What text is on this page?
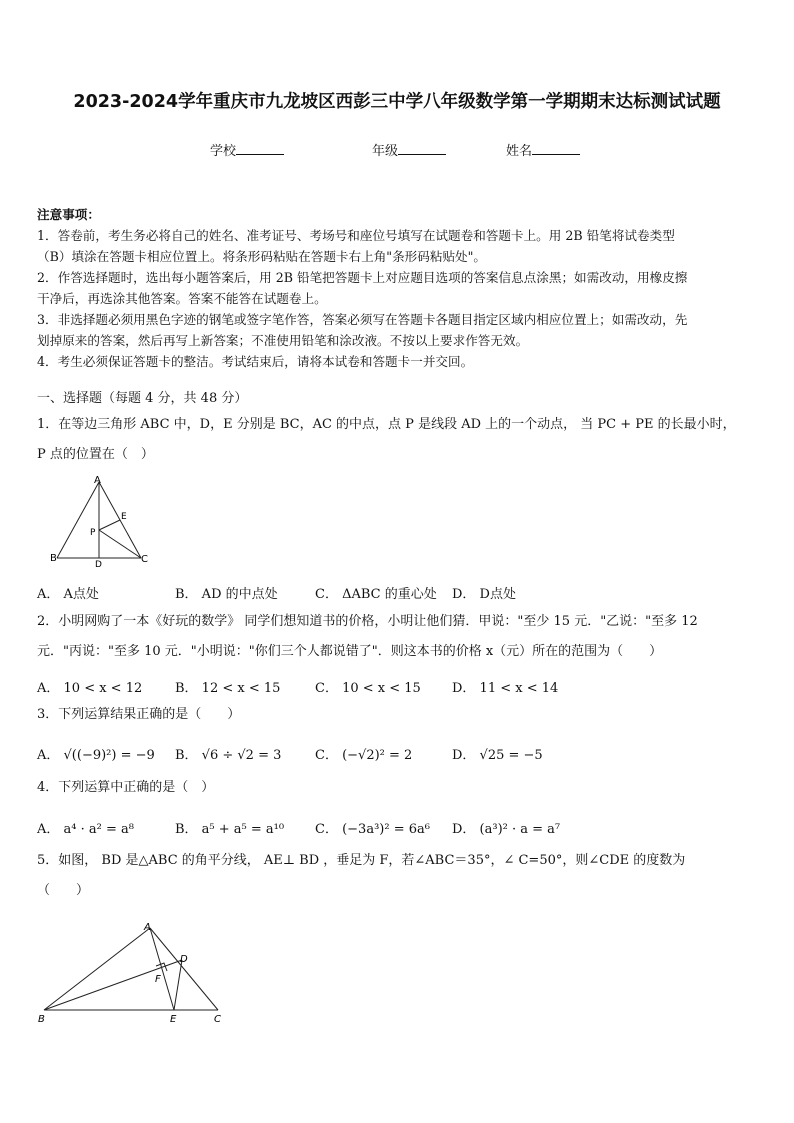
2023-2024学年重庆市九龙坡区西彭三中学八年级数学第一学期期末达标测试试题
学校	年级	姓名

注意事项：

1．答卷前，考生务必将自己的姓名、准考证号、考场号和座位号填写在试题卷和答题卡上。用 2B 铅笔将试卷类型

（B）填涂在答题卡相应位置上。将条形码粘贴在答题卡右上角"条形码粘贴处"。

2．作答选择题时，选出每小题答案后，用 2B 铅笔把答题卡上对应题目选项的答案信息点涂黑；如需改动，用橡皮擦

干净后，再选涂其他答案。答案不能答在试题卷上。

3．非选择题必须用黑色字迹的钢笔或签字笔作答，答案必须写在答题卡各题目指定区域内相应位置上；如需改动，先

划掉原来的答案，然后再写上新答案；不准使用铅笔和涂改液。不按以上要求作答无效。

4．考生必须保证答题卡的整洁。考试结束后，请将本试卷和答题卡一并交回。

一、选择题（每题 4 分，共 48 分）

1．在等边三角形 ABC 中，D，E 分别是 BC，AC 的中点，点 P 是线段 AD 上的一个动点， 当 PC + PE 的长最小时，

P 点的位置在（　）

A
B	C
D
E
P
A． A点处	B． AD 的中点处	C． ΔABC 的重心处 D． D点处

2．小明网购了一本《好玩的数学》 同学们想知道书的价格，小明让他们猜．甲说："至少 15 元．"乙说："至多 12

元．"丙说："至多 10 元．"小明说："你们三个人都说错了"．则这本书的价格 x（元）所在的范围为（　　）

A． 10 < x < 12	B． 12 < x < 15	C． 10 < x < 15 D． 11 < x < 14

3．下列运算结果正确的是（　　）

A． √((−9)²) = −9 B． √6 ÷ √2 = 3	C． (−√2)² = 2	D． √25 = −5

4．下列运算中正确的是（　）

A． a⁴ · a² = a⁸	B． a⁵ + a⁵ = a¹⁰ C． (−3a³)² = 6a⁶ D． (a³)² · a = a⁷

5．如图， BD 是△ABC 的角平分线， AE⊥ BD ，垂足为 F，若∠ABC＝35°，∠ C=50°，则∠CDE 的度数为

（　　）

A
B	C
D
E
F
